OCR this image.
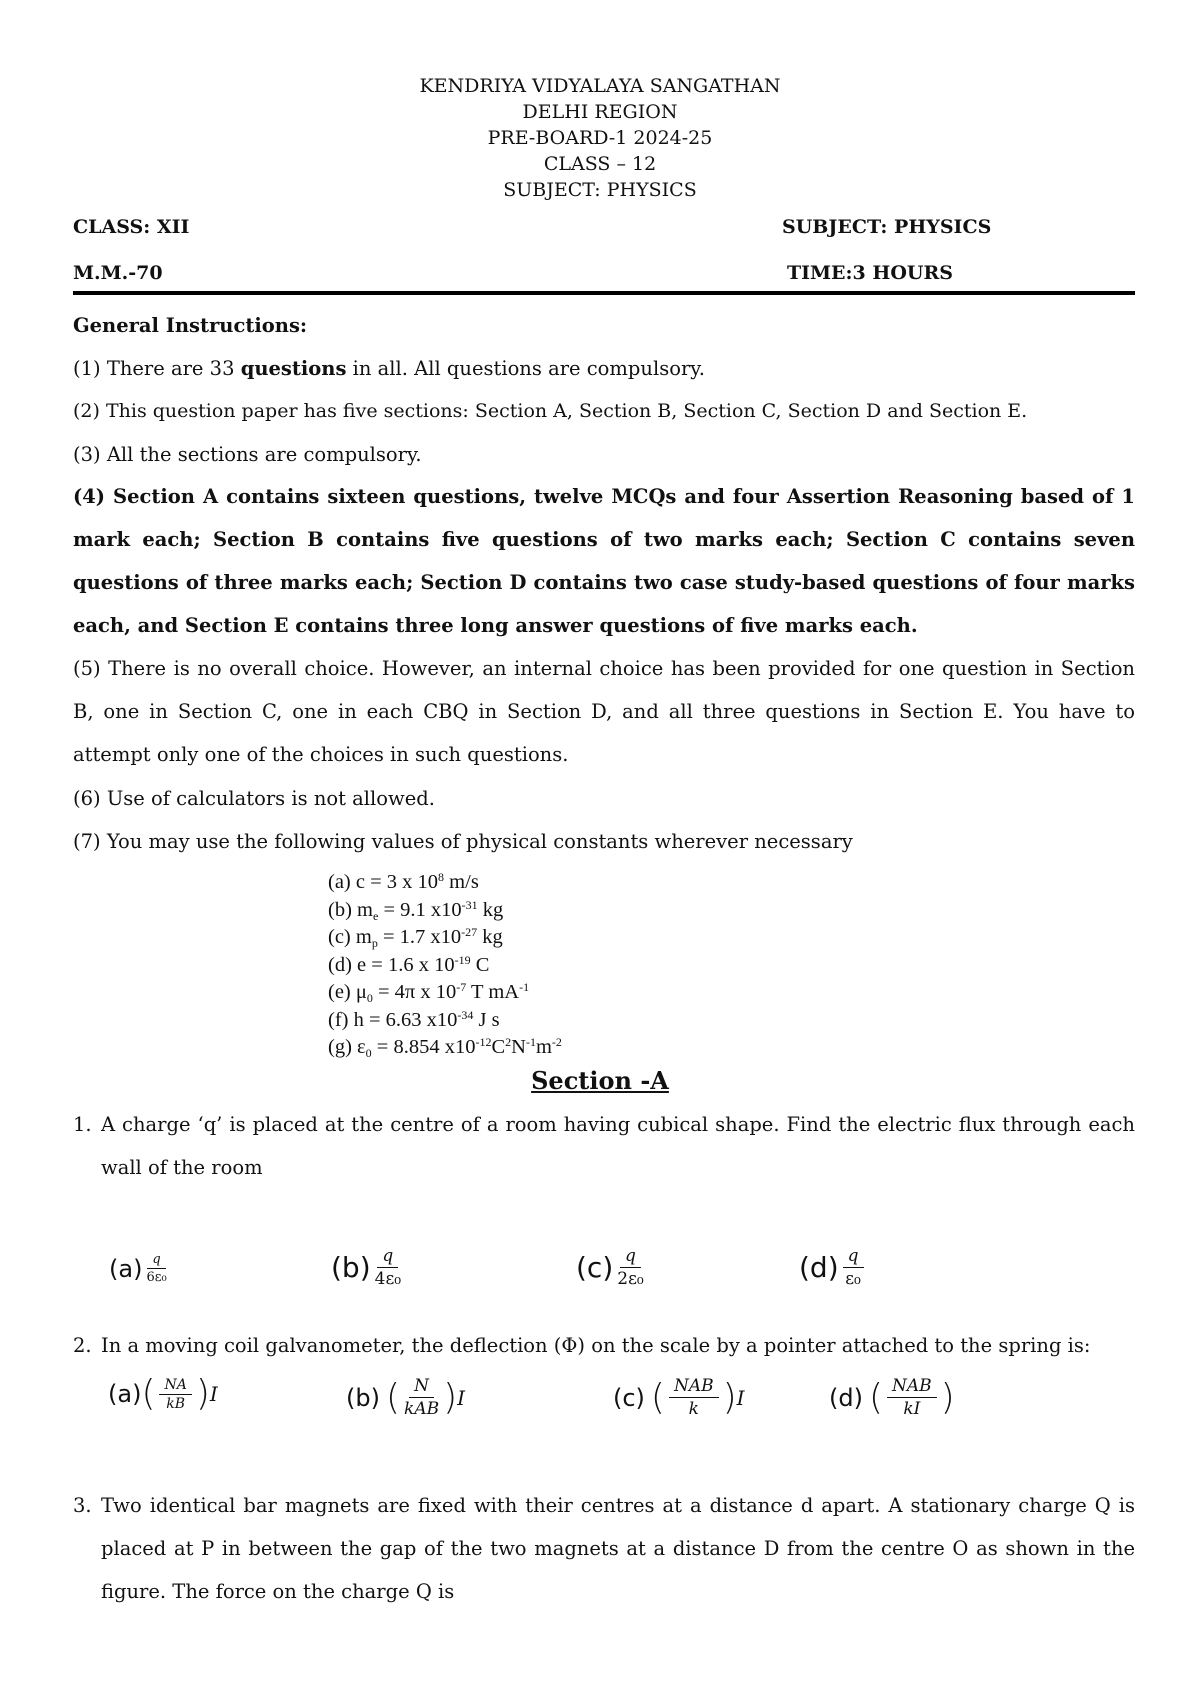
KENDRIYA VIDYALAYA SANGATHAN
DELHI REGION
PRE-BOARD-1 2024-25
CLASS – 12
SUBJECT: PHYSICS
CLASS: XII	SUBJECT: PHYSICS
M.M.-70	TIME:3 HOURS
General Instructions:
(1) There are 33 questions in all. All questions are compulsory.
(2) This question paper has five sections: Section A, Section B, Section C, Section D and Section E.
(3) All the sections are compulsory.
(4) Section A contains sixteen questions, twelve MCQs and four Assertion Reasoning based of 1 mark each; Section B contains five questions of two marks each; Section C contains seven questions of three marks each; Section D contains two case study-based questions of four marks each, and Section E contains three long answer questions of five marks each.
(5) There is no overall choice. However, an internal choice has been provided for one question in Section B, one in Section C, one in each CBQ in Section D, and all three questions in Section E. You have to attempt only one of the choices in such questions.
(6) Use of calculators is not allowed.
(7) You may use the following values of physical constants wherever necessary
(a) c = 3 x $10^8$ m/s
(b) $m_e = 9.1$ $x10^{-31}$ kg
(c) $m_p = 1.7$ $x10^{-27}$ kg
(d) e = 1.6 x $10^{-19}$ C
(e) $\mu_0 = 4\pi$ x $10^{-7}$ T $mA^{-1}$
(f) h = 6.63 $x10^{-34}$ J s
(g) $\varepsilon_0 = 8.854$ $x10^{-12}C^2N^{-1}m^{-2}$
Section -A
1. A charge ‘q’ is placed at the centre of a room having cubical shape. Find the electric flux through each wall of the room
$(a) \frac{q}{\text{6ε₀}}$	$(b) \frac{q}{\text{4ε₀}}$	$(c) \frac{q}{\text{2ε₀}}$	$(d) \frac{q}{\text{ε₀}}$
2. In a moving coil galvanometer, the deflection (Φ) on the scale by a pointer attached to the spring is:
(a) ( $\frac{NA}{kB}$ ) I	(b) ( $\frac{N}{\text{kAB}}$ ) I	(c) ( $\frac{\text{NAB}}{k}$ ) I	(d) ( $\frac{\text{NAB}}{kI}$ )
3. Two identical bar magnets are fixed with their centres at a distance d apart. A stationary charge Q is placed at P in between the gap of the two magnets at a distance D from the centre O as shown in the figure. The force on the charge Q is
